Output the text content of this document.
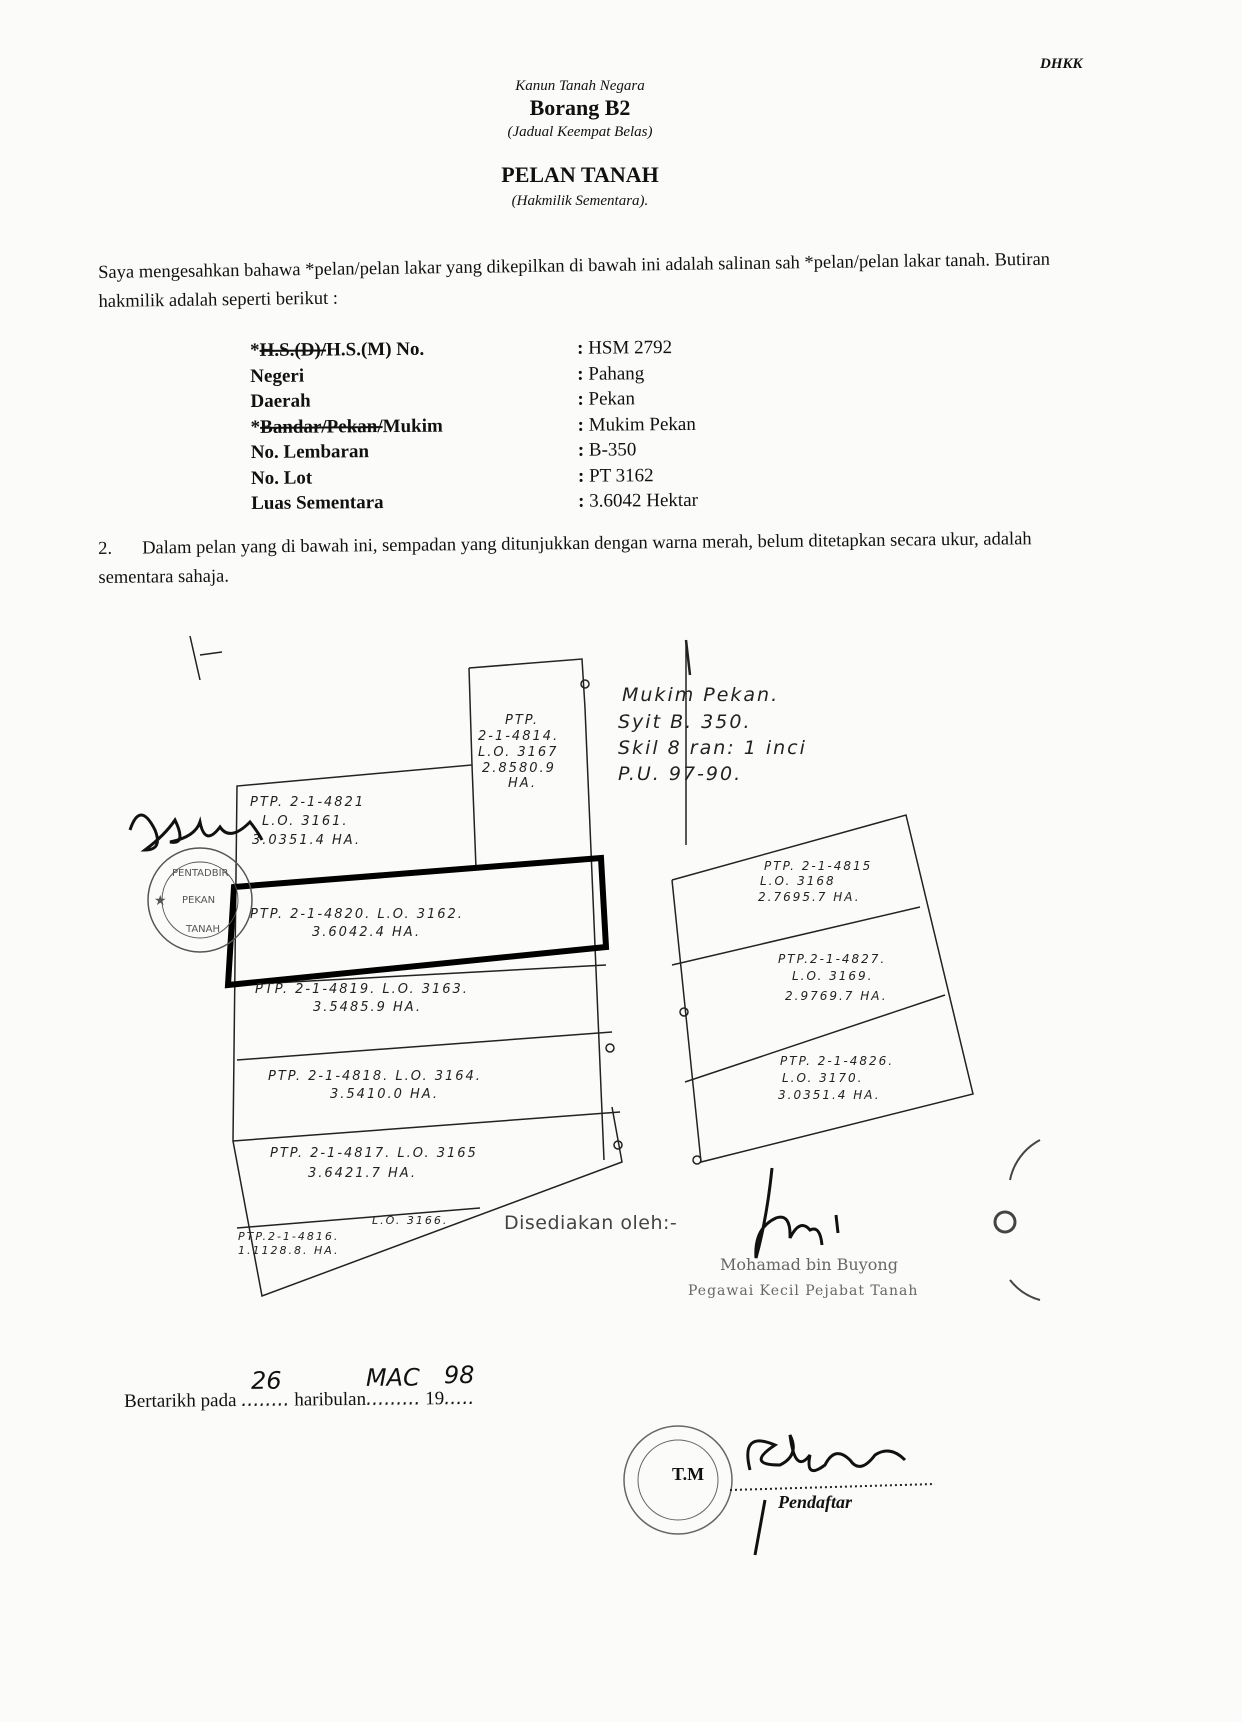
DHKK
Kanun Tanah Negara
Borang B2
(Jadual Keempat Belas)
PELAN TANAH
(Hakmilik Sementara).
Saya mengesahkan bahawa *pelan/pelan lakar yang dikepilkan di bawah ini adalah salinan sah *pelan/pelan lakar tanah. Butiran hakmilik adalah seperti berikut :
*H.S.(D)/H.S.(M) No.	: HSM 2792
Negeri	: Pahang
Daerah	: Pekan
*Bandar/Pekan/Mukim	: Mukim Pekan
No. Lembaran	: B-350
No. Lot	: PT 3162
Luas Sementara	: 3.6042 Hektar
2. Dalam pelan yang di bawah ini, sempadan yang ditunjukkan dengan warna merah, belum ditetapkan secara ukur, adalah sementara sahaja.
Mukim Pekan.
Syit B. 350.
Skil 8 ran: 1 inci
P.U. 97-90.
PTP.
2-1-4814.
L.O. 3167
2.8580.9
HA.
PTP. 2-1-4821
L.O. 3161.
3.0351.4 HA.
PTP. 2-1-4820. L.O. 3162.
3.6042.4 HA.
PTP. 2-1-4819. L.O. 3163.
3.5485.9 HA.
PTP. 2-1-4818. L.O. 3164.
3.5410.0 HA.
PTP. 2-1-4817. L.O. 3165
3.6421.7 HA.
PTP.2-1-4816.
1.1128.8. HA.
L.O. 3166.
PTP. 2-1-4815
L.O. 3168
2.7695.7 HA.
PTP.2-1-4827.
L.O. 3169.
2.9769.7 HA.
PTP. 2-1-4826.
L.O. 3170.
3.0351.4 HA.
PENTADBIR
PEKAN
TANAH
★
Disediakan oleh:-
Mohamad bin Buyong
Pegawai Kecil Pejabat Tanah
Bertarikh pada ........
26
haribulan.........
MAC
19.....
98
T.M
Pendaftar
